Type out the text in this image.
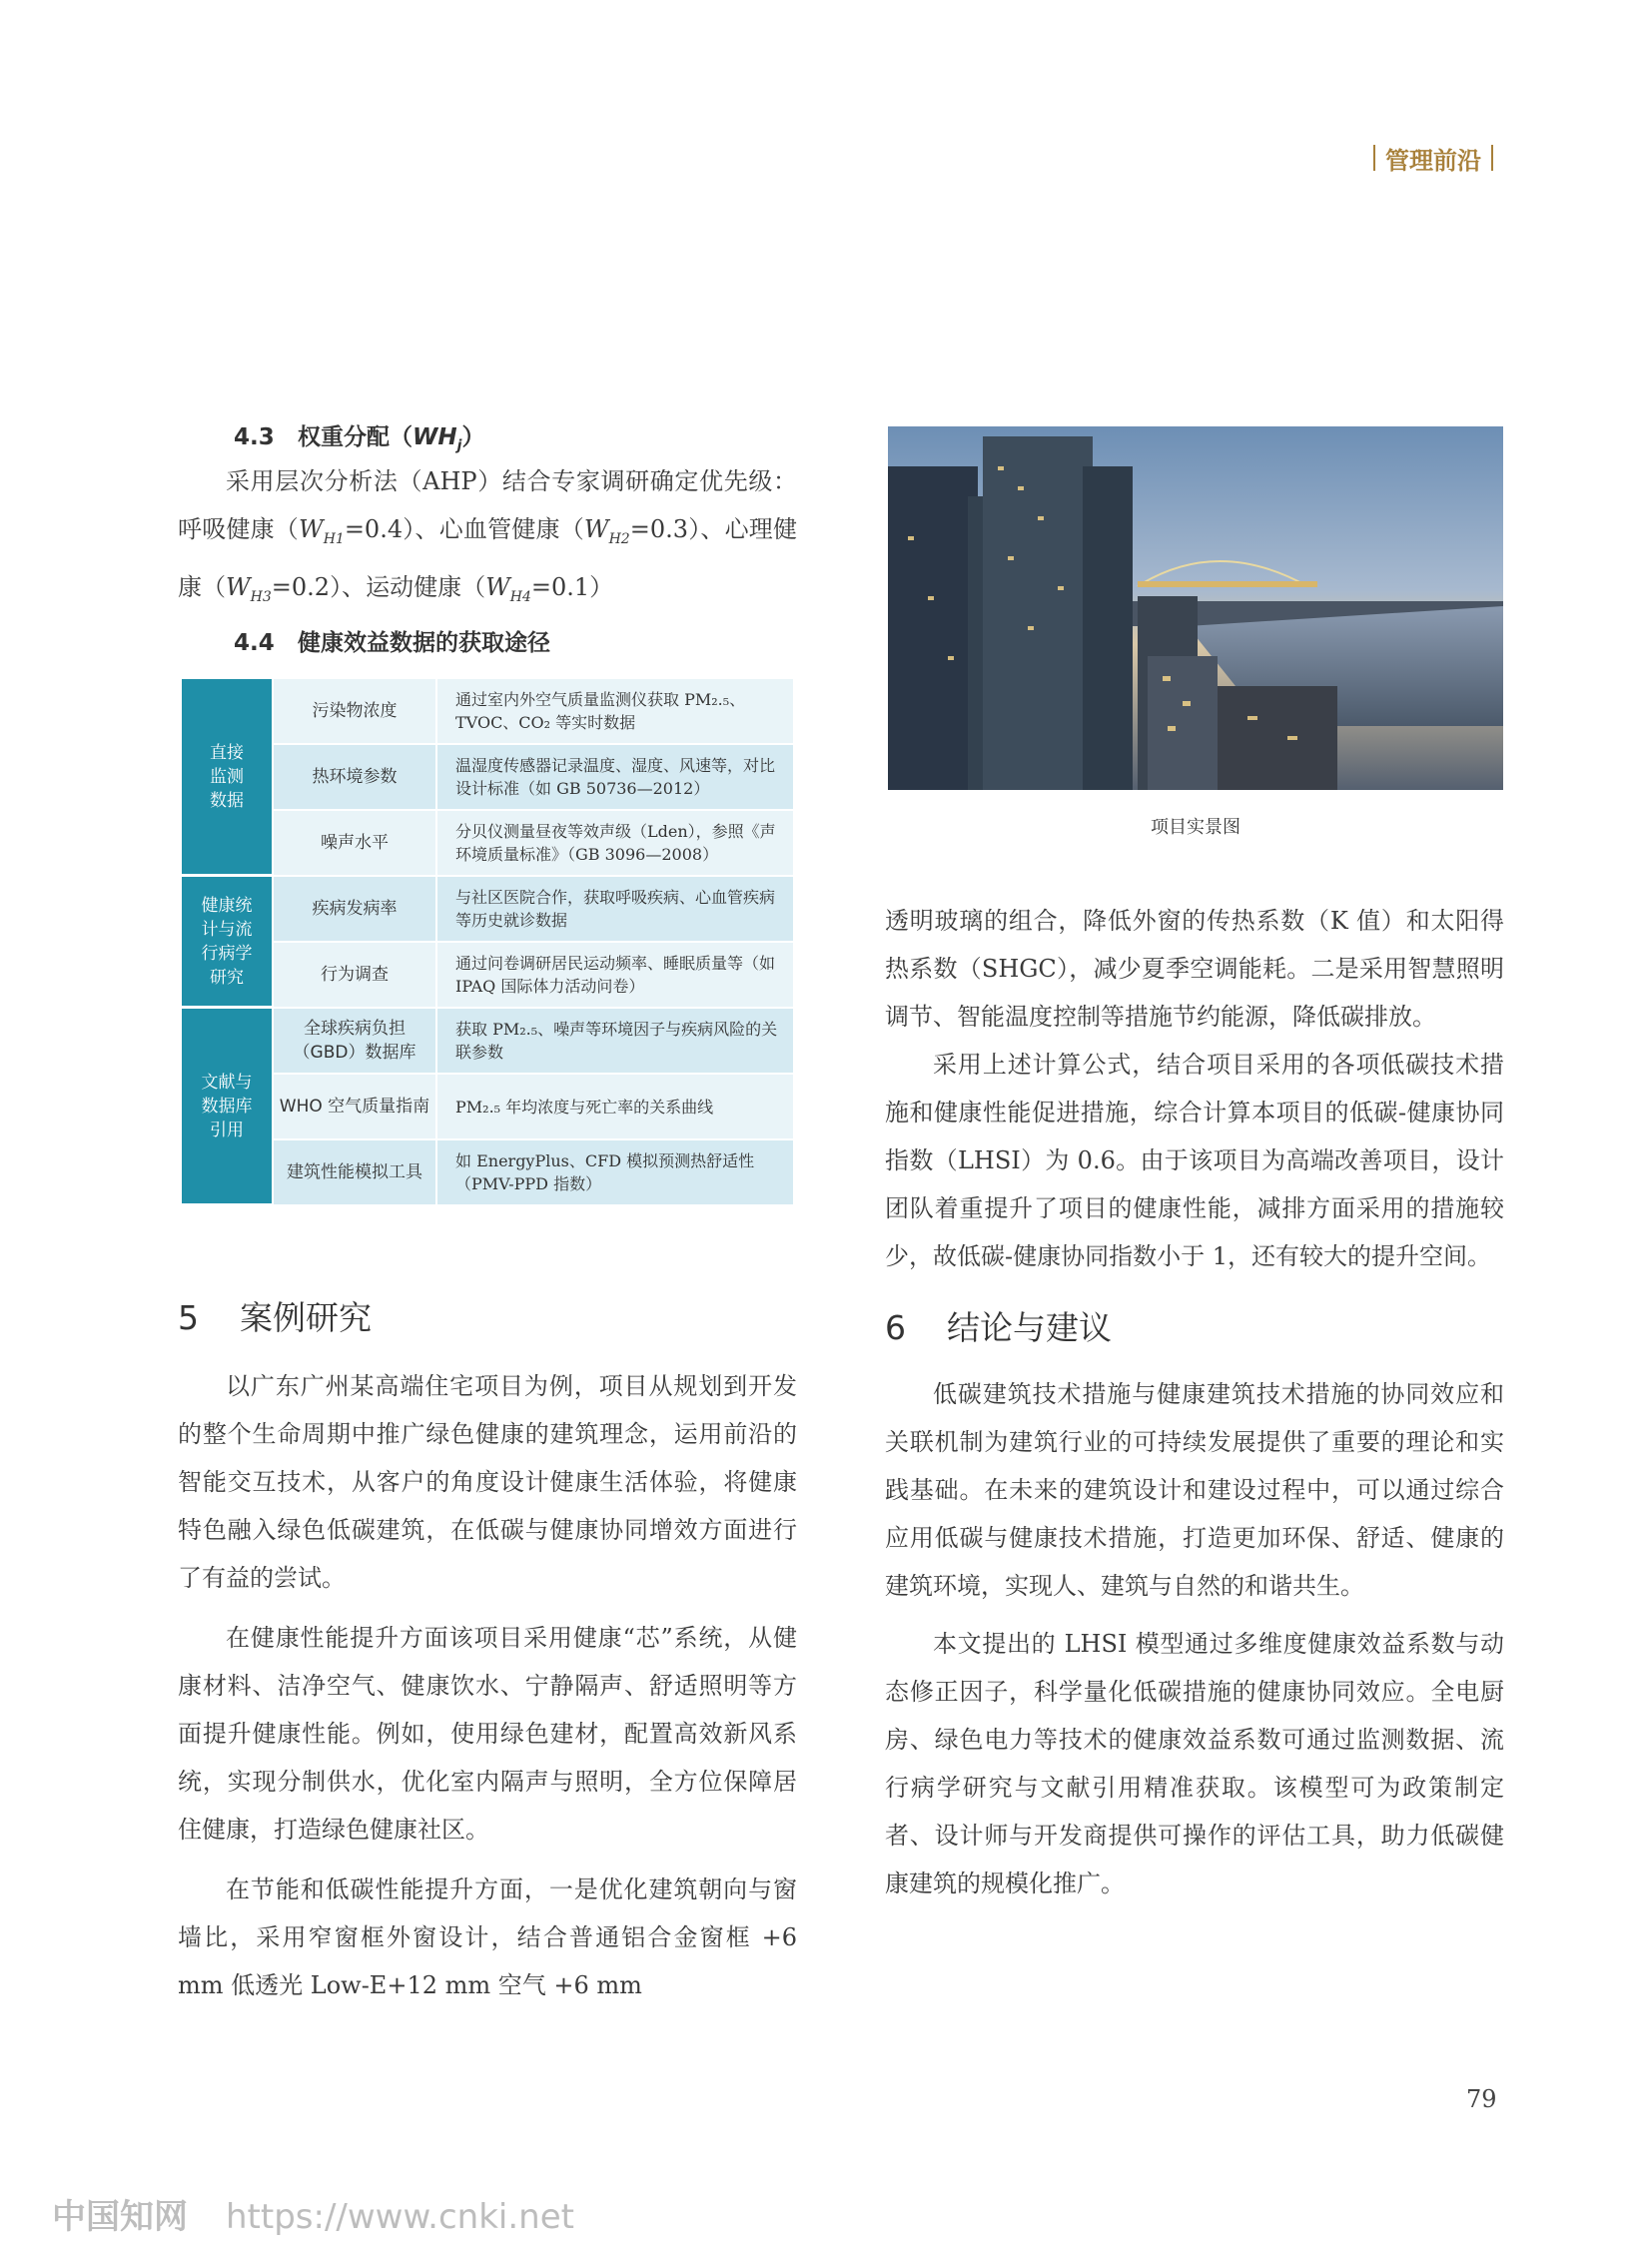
管理前沿
4.3 权重分配$(WH_j)$
采用层次分析法（AHP）结合专家调研确定优先级：呼吸健康$(W_{H1}=0.4)$、心血管健康$(W_{H2}=0.3)$、心理健康$(W_{H3}=0.2)$、运动健康$(W_{H4}=0.1)$
4.4 健康效益数据的获取途径
直接
监测
数据	污染物浓度	通过室内外空气质量监测仪获取 PM₂.₅、TVOC、CO₂ 等实时数据
	热环境参数	温湿度传感器记录温度、湿度、风速等，对比设计标准（如 GB 50736—2012）
	噪声水平	分贝仪测量昼夜等效声级（Lden），参照《声环境质量标准》（GB 3096—2008）
健康统
计与流
行病学
研究	疾病发病率	与社区医院合作，获取呼吸疾病、心血管疾病等历史就诊数据
	行为调查	通过问卷调研居民运动频率、睡眠质量等（如 IPAQ 国际体力活动问卷）
文献与
数据库
引用	全球疾病负担（GBD）数据库	获取 PM₂.₅、噪声等环境因子与疾病风险的关联参数
	WHO 空气质量指南	PM₂.₅ 年均浓度与死亡率的关系曲线
	建筑性能模拟工具	如 EnergyPlus、CFD 模拟预测热舒适性（PMV-PPD 指数）
5 案例研究
以广东广州某高端住宅项目为例，项目从规划到开发的整个生命周期中推广绿色健康的建筑理念，运用前沿的智能交互技术，从客户的角度设计健康生活体验，将健康特色融入绿色低碳建筑，在低碳与健康协同增效方面进行了有益的尝试。
在健康性能提升方面该项目采用健康“芯”系统，从健康材料、洁净空气、健康饮水、宁静隔声、舒适照明等方面提升健康性能。例如，使用绿色建材，配置高效新风系统，实现分制供水，优化室内隔声与照明，全方位保障居住健康，打造绿色健康社区。
在节能和低碳性能提升方面，一是优化建筑朝向与窗墙比，采用窄窗框外窗设计，结合普通铝合金窗框 +6 mm 低透光 Low-E+12 mm 空气 +6 mm
项目实景图
透明玻璃的组合，降低外窗的传热系数（K 值）和太阳得热系数（SHGC），减少夏季空调能耗。二是采用智慧照明调节、智能温度控制等措施节约能源，降低碳排放。
采用上述计算公式，结合项目采用的各项低碳技术措施和健康性能促进措施，综合计算本项目的低碳-健康协同指数（LHSI）为 0.6。由于该项目为高端改善项目，设计团队着重提升了项目的健康性能，减排方面采用的措施较少，故低碳-健康协同指数小于 1，还有较大的提升空间。
6 结论与建议
低碳建筑技术措施与健康建筑技术措施的协同效应和关联机制为建筑行业的可持续发展提供了重要的理论和实践基础。在未来的建筑设计和建设过程中，可以通过综合应用低碳与健康技术措施，打造更加环保、舒适、健康的建筑环境，实现人、建筑与自然的和谐共生。
本文提出的 LHSI 模型通过多维度健康效益系数与动态修正因子，科学量化低碳措施的健康协同效应。全电厨房、绿色电力等技术的健康效益系数可通过监测数据、流行病学研究与文献引用精准获取。该模型可为政策制定者、设计师与开发商提供可操作的评估工具，助力低碳健康建筑的规模化推广。
79
中国知网 https://www.cnki.net
